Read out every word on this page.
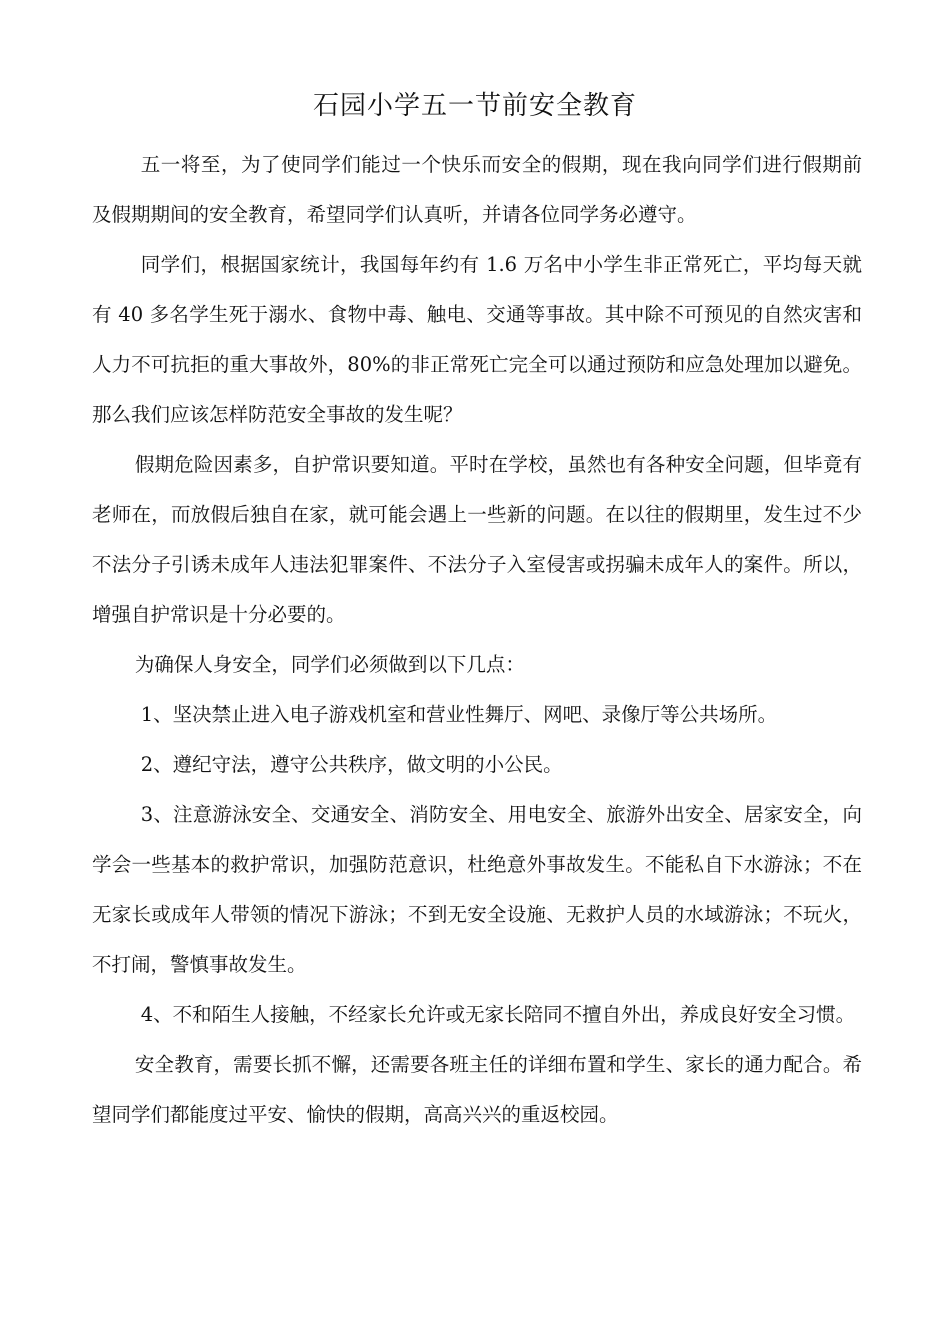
石园小学五一节前安全教育

五一将至，为了使同学们能过一个快乐而安全的假期，现在我向同学们进行假期前及假期期间的安全教育，希望同学们认真听，并请各位同学务必遵守。

同学们，根据国家统计，我国每年约有 1.6 万名中小学生非正常死亡，平均每天就有 40 多名学生死于溺水、食物中毒、触电、交通等事故。其中除不可预见的自然灾害和人力不可抗拒的重大事故外，80%的非正常死亡完全可以通过预防和应急处理加以避免。那么我们应该怎样防范安全事故的发生呢？

假期危险因素多，自护常识要知道。平时在学校，虽然也有各种安全问题，但毕竟有老师在，而放假后独自在家，就可能会遇上一些新的问题。在以往的假期里，发生过不少不法分子引诱未成年人违法犯罪案件、不法分子入室侵害或拐骗未成年人的案件。所以，增强自护常识是十分必要的。

为确保人身安全，同学们必须做到以下几点：

1、坚决禁止进入电子游戏机室和营业性舞厅、网吧、录像厅等公共场所。

2、遵纪守法，遵守公共秩序，做文明的小公民。

3、注意游泳安全、交通安全、消防安全、用电安全、旅游外出安全、居家安全，向学会一些基本的救护常识，加强防范意识，杜绝意外事故发生。不能私自下水游泳；不在无家长或成年人带领的情况下游泳；不到无安全设施、无救护人员的水域游泳；不玩火，不打闹，警慎事故发生。

4、不和陌生人接触，不经家长允许或无家长陪同不擅自外出，养成良好安全习惯。

安全教育，需要长抓不懈，还需要各班主任的详细布置和学生、家长的通力配合。希望同学们都能度过平安、愉快的假期，高高兴兴的重返校园。
